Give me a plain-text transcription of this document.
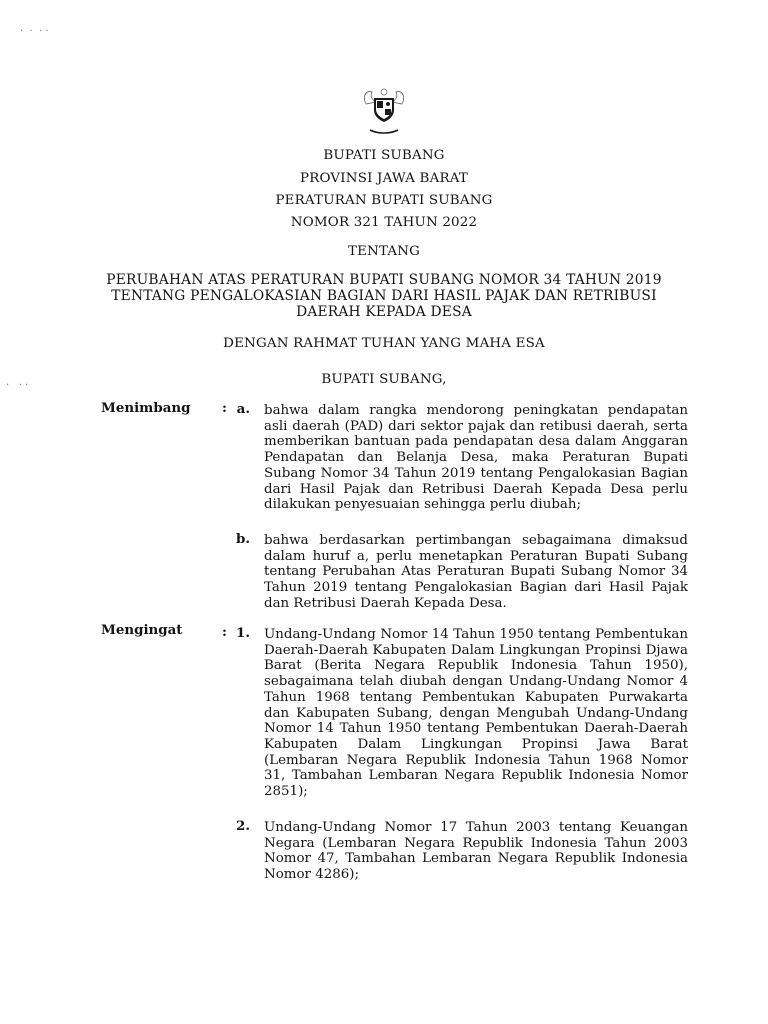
·  ·  · ·
·   · ·
BUPATI SUBANG
PROVINSI JAWA BARAT
PERATURAN BUPATI SUBANG
NOMOR 321 TAHUN 2022
TENTANG
PERUBAHAN ATAS PERATURAN BUPATI SUBANG NOMOR 34 TAHUN 2019
TENTANG PENGALOKASIAN BAGIAN DARI HASIL PAJAK DAN RETRIBUSI
DAERAH KEPADA DESA
DENGAN RAHMAT TUHAN YANG MAHA ESA
BUPATI SUBANG,
Menimbang : a. bahwa dalam rangka mendorong peningkatan pendapatan asli daerah (PAD) dari sektor pajak dan retibusi daerah, serta memberikan bantuan pada pendapatan desa dalam Anggaran Pendapatan dan Belanja Desa, maka Peraturan Bupati Subang Nomor 34 Tahun 2019 tentang Pengalokasian Bagian dari Hasil Pajak dan Retribusi Daerah Kepada Desa perlu dilakukan penyesuaian sehingga perlu diubah;
b. bahwa berdasarkan pertimbangan sebagaimana dimaksud dalam huruf a, perlu menetapkan Peraturan Bupati Subang tentang Perubahan Atas Peraturan Bupati Subang Nomor 34 Tahun 2019 tentang Pengalokasian Bagian dari Hasil Pajak dan Retribusi Daerah Kepada Desa.
Mengingat	: 1. Undang-Undang Nomor 14 Tahun 1950 tentang Pembentukan Daerah-Daerah Kabupaten Dalam Lingkungan Propinsi Djawa Barat (Berita Negara Republik Indonesia Tahun 1950), sebagaimana telah diubah dengan Undang-Undang Nomor 4 Tahun 1968 tentang Pembentukan Kabupaten Purwakarta dan Kabupaten Subang, dengan Mengubah Undang-Undang Nomor 14 Tahun 1950 tentang Pembentukan Daerah-Daerah Kabupaten Dalam Lingkungan Propinsi Jawa Barat (Lembaran Negara Republik Indonesia Tahun 1968 Nomor 31, Tambahan Lembaran Negara Republik Indonesia Nomor 2851);
2. Undang-Undang Nomor 17 Tahun 2003 tentang Keuangan Negara (Lembaran Negara Republik Indonesia Tahun 2003 Nomor 47, Tambahan Lembaran Negara Republik Indonesia Nomor 4286);
